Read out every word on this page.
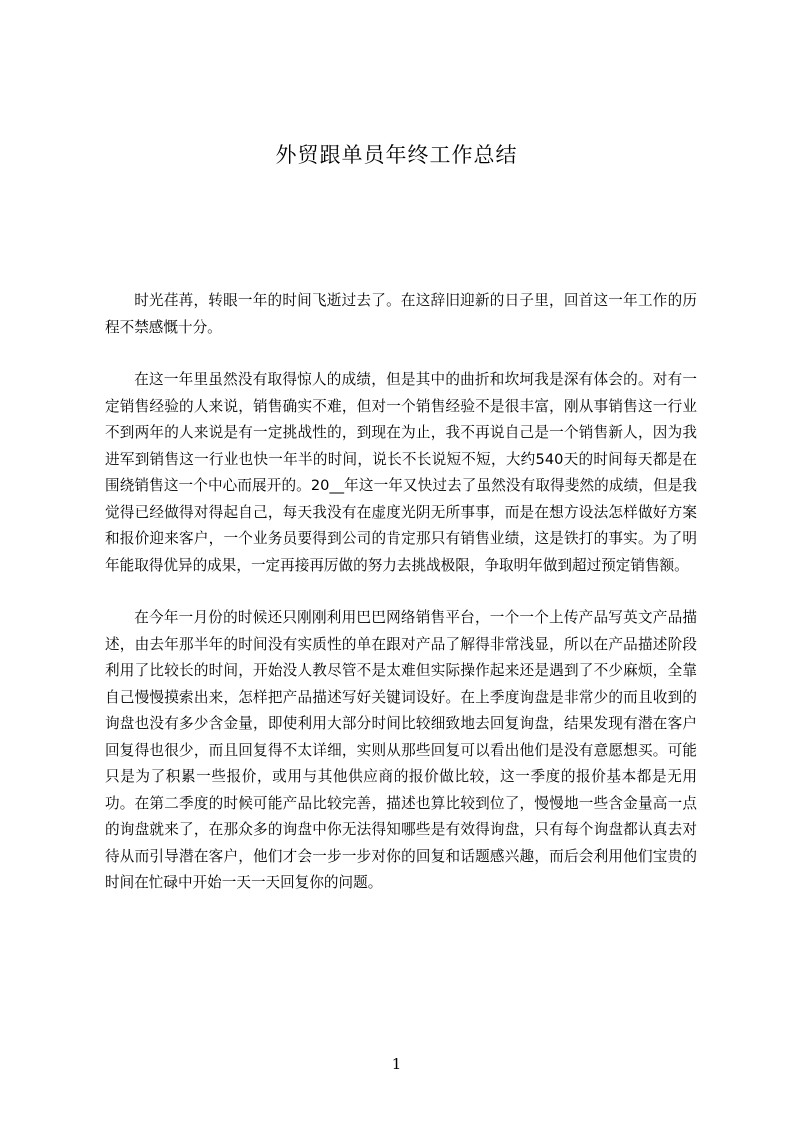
外贸跟单员年终工作总结

时光荏苒，转眼一年的时间飞逝过去了。在这辞旧迎新的日子里，回首这一年工作的历程不禁感慨十分。

在这一年里虽然没有取得惊人的成绩，但是其中的曲折和坎坷我是深有体会的。对有一定销售经验的人来说，销售确实不难，但对一个销售经验不是很丰富，刚从事销售这一行业不到两年的人来说是有一定挑战性的，到现在为止，我不再说自己是一个销售新人，因为我进军到销售这一行业也快一年半的时间，说长不长说短不短，大约540天的时间每天都是在围绕销售这一个中心而展开的。20__年这一年又快过去了虽然没有取得斐然的成绩，但是我觉得已经做得对得起自己，每天我没有在虚度光阴无所事事，而是在想方设法怎样做好方案和报价迎来客户，一个业务员要得到公司的肯定那只有销售业绩，这是铁打的事实。为了明年能取得优异的成果，一定再接再厉做的努力去挑战极限，争取明年做到超过预定销售额。

在今年一月份的时候还只刚刚利用巴巴网络销售平台，一个一个上传产品写英文产品描述，由去年那半年的时间没有实质性的单在跟对产品了解得非常浅显，所以在产品描述阶段利用了比较长的时间，开始没人教尽管不是太难但实际操作起来还是遇到了不少麻烦，全靠自己慢慢摸索出来，怎样把产品描述写好关键词设好。在上季度询盘是非常少的而且收到的询盘也没有多少含金量，即使利用大部分时间比较细致地去回复询盘，结果发现有潜在客户回复得也很少，而且回复得不太详细，实则从那些回复可以看出他们是没有意愿想买。可能只是为了积累一些报价，或用与其他供应商的报价做比较，这一季度的报价基本都是无用功。在第二季度的时候可能产品比较完善，描述也算比较到位了，慢慢地一些含金量高一点的询盘就来了，在那众多的询盘中你无法得知哪些是有效得询盘，只有每个询盘都认真去对待从而引导潜在客户，他们才会一步一步对你的回复和话题感兴趣，而后会利用他们宝贵的时间在忙碌中开始一天一天回复你的问题。

1
